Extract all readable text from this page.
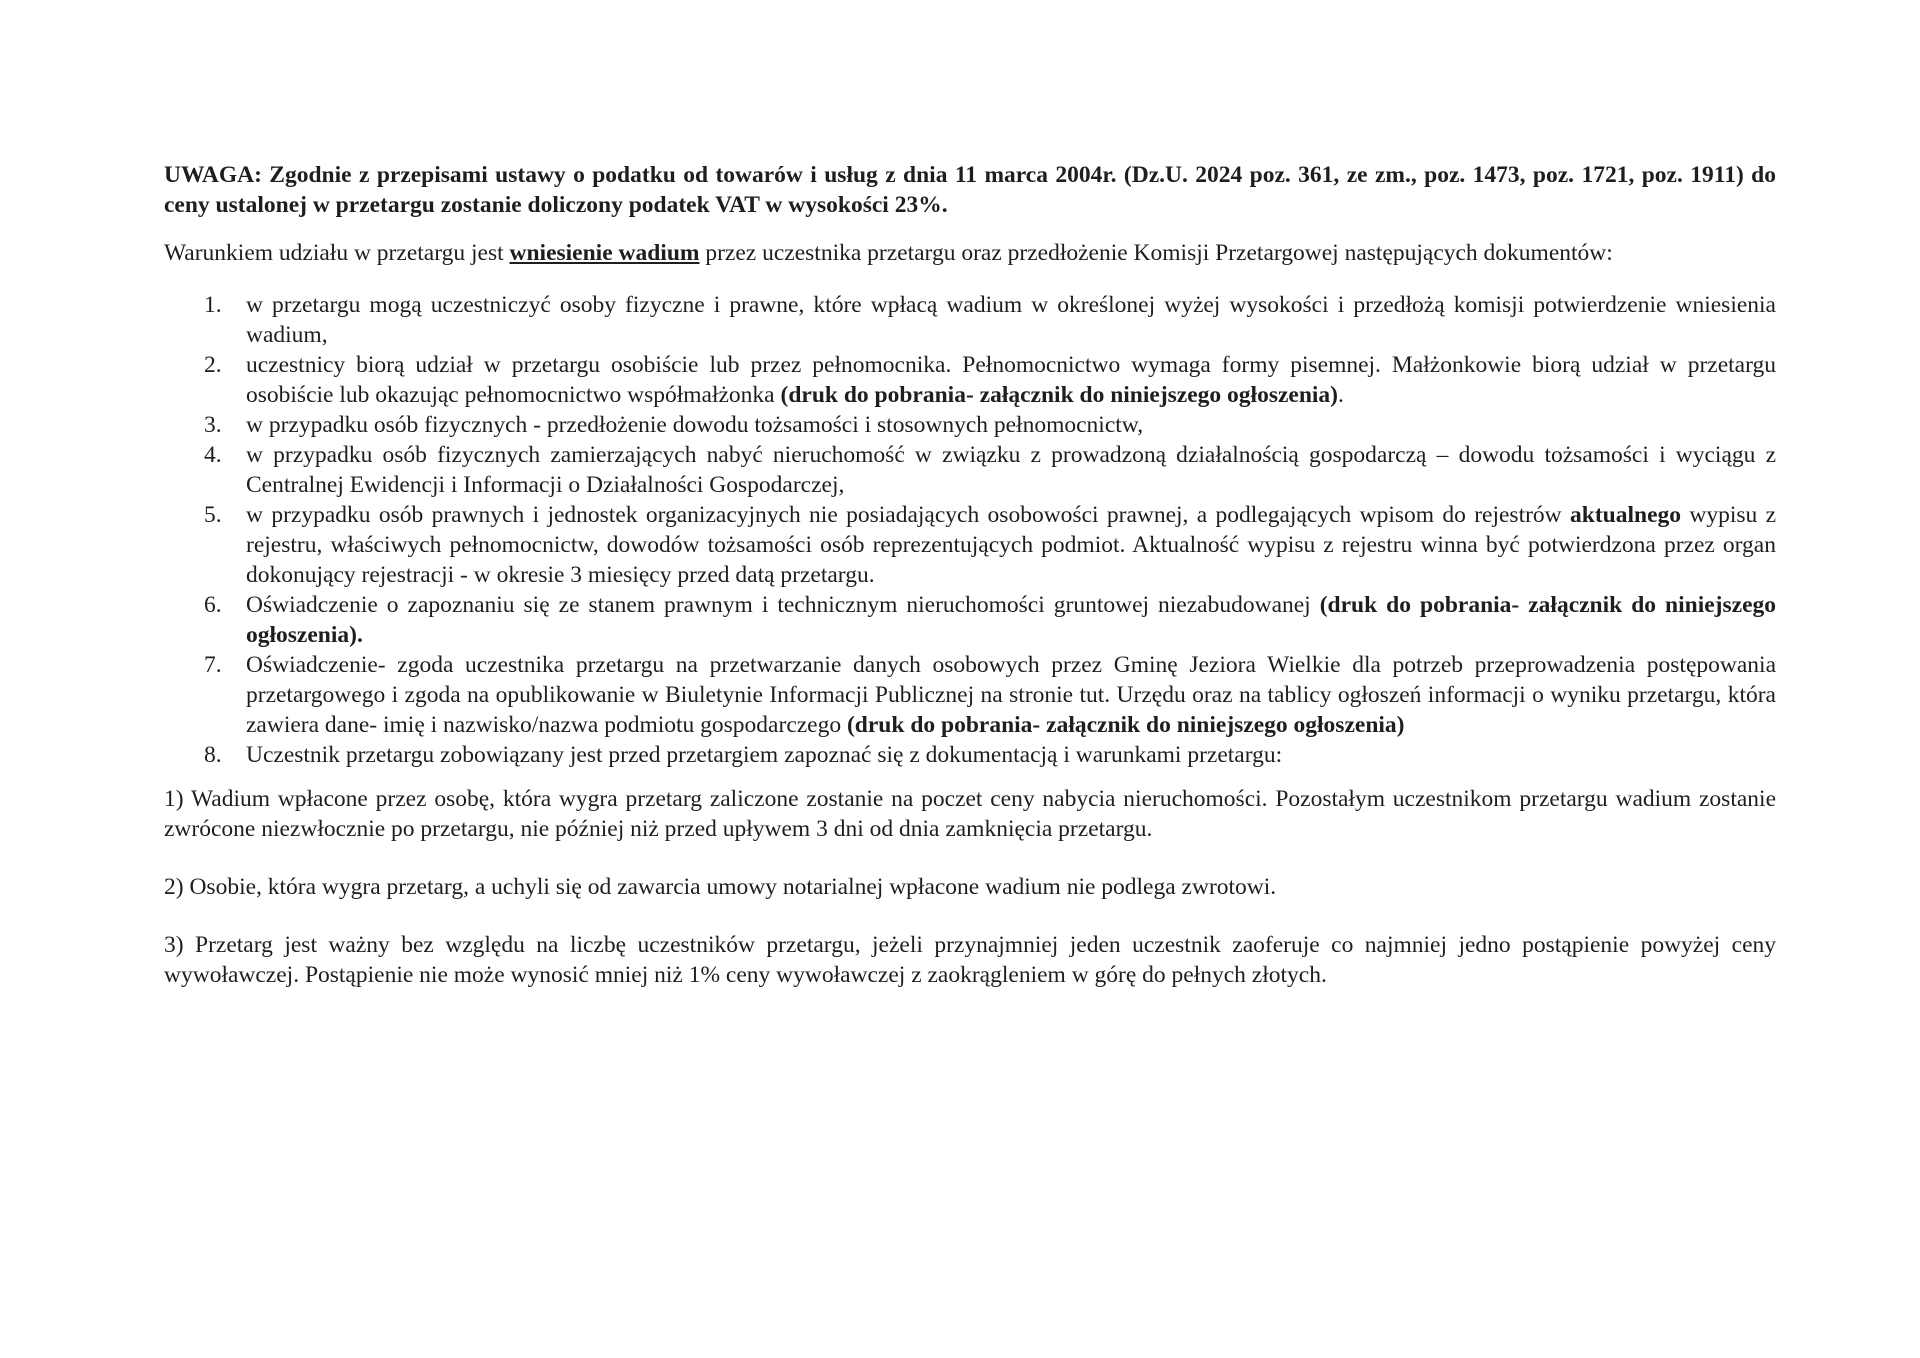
UWAGA: Zgodnie z przepisami ustawy o podatku od towarów i usług z dnia 11 marca 2004r. (Dz.U. 2024 poz. 361, ze zm., poz. 1473, poz. 1721, poz. 1911) do ceny ustalonej w przetargu zostanie doliczony podatek VAT w wysokości 23%.

Warunkiem udziału w przetargu jest wniesienie wadium przez uczestnika przetargu oraz przedłożenie Komisji Przetargowej następujących dokumentów:

1.	w przetargu mogą uczestniczyć osoby fizyczne i prawne, które wpłacą wadium w określonej wyżej wysokości i przedłożą komisji potwierdzenie wniesienia wadium,
2.	uczestnicy biorą udział w przetargu osobiście lub przez pełnomocnika. Pełnomocnictwo wymaga formy pisemnej. Małżonkowie biorą udział w przetargu osobiście lub okazując pełnomocnictwo współmałżonka (druk do pobrania- załącznik do niniejszego ogłoszenia).
3.	w przypadku osób fizycznych - przedłożenie dowodu tożsamości i stosownych pełnomocnictw,
4.	w przypadku osób fizycznych zamierzających nabyć nieruchomość w związku z prowadzoną działalnością gospodarczą – dowodu tożsamości i wyciągu z Centralnej Ewidencji i Informacji o Działalności Gospodarczej,
5.	w przypadku osób prawnych i jednostek organizacyjnych nie posiadających osobowości prawnej, a podlegających wpisom do rejestrów aktualnego wypisu z rejestru, właściwych pełnomocnictw, dowodów tożsamości osób reprezentujących podmiot. Aktualność wypisu z rejestru winna być potwierdzona przez organ dokonujący rejestracji - w okresie 3 miesięcy przed datą przetargu.
6.	Oświadczenie o zapoznaniu się ze stanem prawnym i technicznym nieruchomości gruntowej niezabudowanej (druk do pobrania- załącznik do niniejszego ogłoszenia).
7.	Oświadczenie- zgoda uczestnika przetargu na przetwarzanie danych osobowych przez Gminę Jeziora Wielkie dla potrzeb przeprowadzenia postępowania przetargowego i zgoda na opublikowanie w Biuletynie Informacji Publicznej na stronie tut. Urzędu oraz na tablicy ogłoszeń informacji o wyniku przetargu, która zawiera dane- imię i nazwisko/nazwa podmiotu gospodarczego (druk do pobrania- załącznik do niniejszego ogłoszenia)
8.	Uczestnik przetargu zobowiązany jest przed przetargiem zapoznać się z dokumentacją i warunkami przetargu:

1) Wadium wpłacone przez osobę, która wygra przetarg zaliczone zostanie na poczet ceny nabycia nieruchomości. Pozostałym uczestnikom przetargu wadium zostanie zwrócone niezwłocznie po przetargu, nie później niż przed upływem 3 dni od dnia zamknięcia przetargu.

2) Osobie, która wygra przetarg, a uchyli się od zawarcia umowy notarialnej wpłacone wadium nie podlega zwrotowi.

3) Przetarg jest ważny bez względu na liczbę uczestników przetargu, jeżeli przynajmniej jeden uczestnik zaoferuje co najmniej jedno postąpienie powyżej ceny wywoławczej. Postąpienie nie może wynosić mniej niż 1% ceny wywoławczej z zaokrągleniem w górę do pełnych złotych.
